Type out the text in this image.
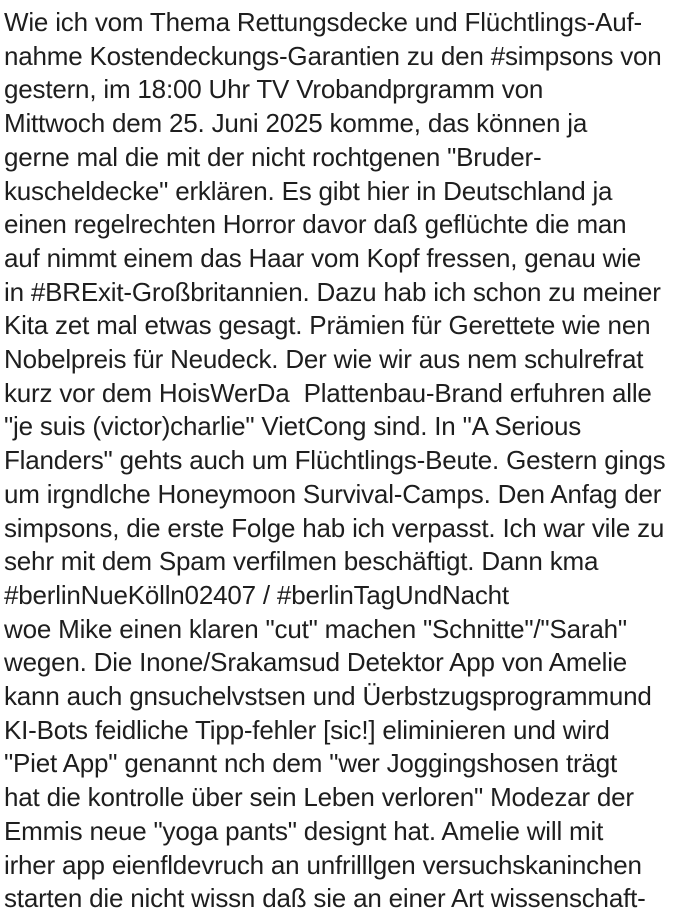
Wie ich vom Thema Rettungsdecke und Flüchtlings-Auf-
nahme Kostendeckungs-Garantien zu den #simpsons von
gestern, im 18:00 Uhr TV Vrobandprgramm von
Mittwoch dem 25. Juni 2025 komme, das können ja
gerne mal die mit der nicht rochtgenen "Bruder-
kuscheldecke" erklären. Es gibt hier in Deutschland ja
einen regelrechten Horror davor daß geflüchte die man
auf nimmt einem das Haar vom Kopf fressen, genau wie
in #BRExit-Großbritannien. Dazu hab ich schon zu meiner
Kita zet mal etwas gesagt. Prämien für Gerettete wie nen
Nobelpreis für Neudeck. Der wie wir aus nem schulrefrat
kurz vor dem HoisWerDa  Plattenbau-Brand erfuhren alle
"je suis (victor)charlie" VietCong sind. In "A Serious
Flanders" gehts auch um Flüchtlings-Beute. Gestern gings
um irgndlche Honeymoon Survival-Camps. Den Anfag der
simpsons, die erste Folge hab ich verpasst. Ich war vile zu
sehr mit dem Spam verfilmen beschäftigt. Dann kma
#berlinNueKölln02407 / #berlinTagUndNacht
woe Mike einen klaren "cut" machen "Schnitte"/"Sarah"
wegen. Die Inone/Srakamsud Detektor App von Amelie
kann auch gnsuchelvstsen und Üerbstzugsprogrammund
KI-Bots feidliche Tipp-fehler [sic!] eliminieren und wird
"Piet App" genannt nch dem "wer Joggingshosen trägt
hat die kontrolle über sein Leben verloren" Modezar der
Emmis neue "yoga pants" designt hat. Amelie will mit
irher app eienfldevruch an unfrilllgen versuchskaninchen
starten die nicht wissn daß sie an einer Art wissenschaft-
